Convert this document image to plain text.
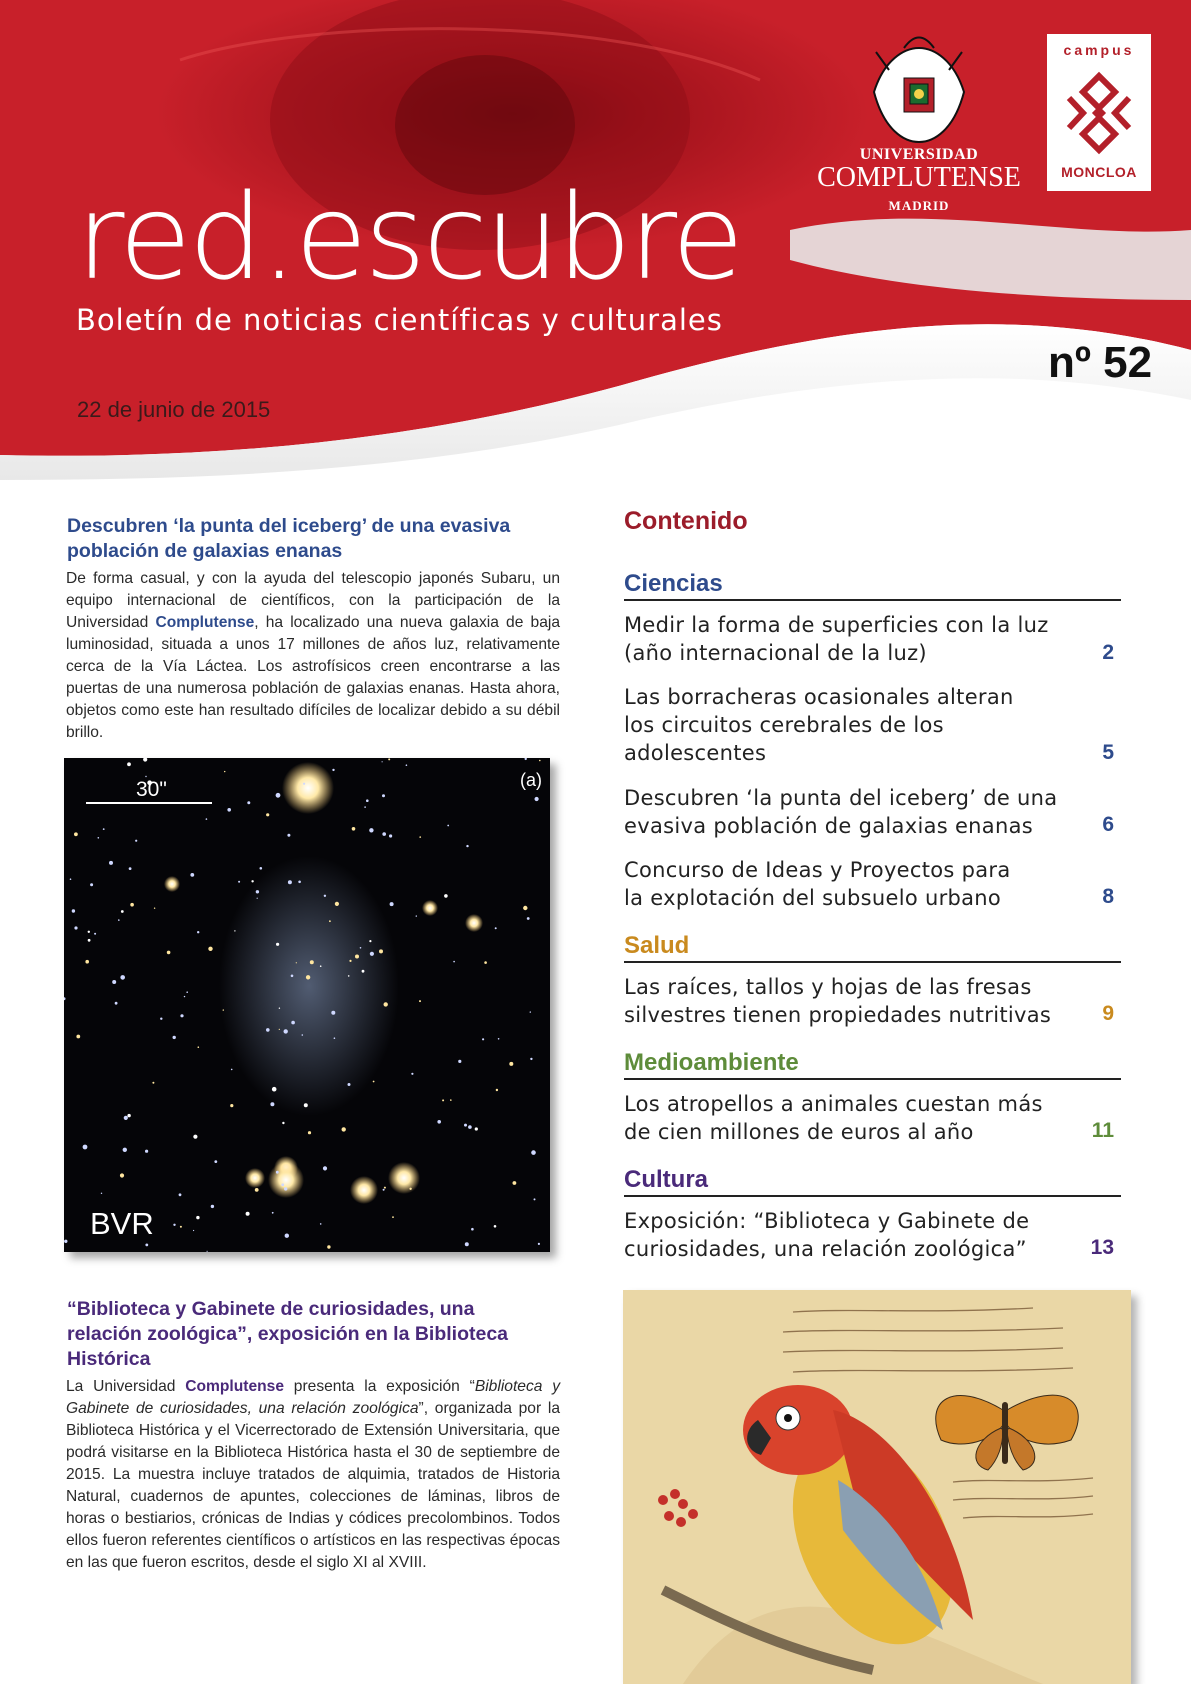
UNIVERSIDAD
COMPLUTENSE
MADRID
campus
MONCLOA
red.escubre
Boletín de noticias científicas y culturales
nº 52
22 de junio de 2015
Descubren ‘la punta del iceberg’ de una evasiva
población de galaxias enanas
De forma casual, y con la ayuda del telescopio japonés Subaru, un equipo internacional de científicos, con la participación de la Universidad Complutense, ha localizado una nueva galaxia de baja luminosidad, situada a unos 17 millones de años luz, relativamente cerca de la Vía Láctea. Los astrofísicos creen encontrarse a las puertas de una numerosa población de galaxias enanas. Hasta ahora, objetos como este han resultado difíciles de localizar debido a su débil brillo.
30"	(a)
BVR
“Biblioteca y Gabinete de curiosidades, una
relación zoológica”, exposición en la Biblioteca
Histórica
La Universidad Complutense presenta la exposición “Biblioteca y Gabinete de curiosidades, una relación zoológica”, organizada por la Biblioteca Histórica y el Vicerrectorado de Extensión Universitaria, que podrá visitarse en la Biblioteca Histórica hasta el 30 de septiembre de 2015. La muestra incluye tratados de alquimia, tratados de Historia Natural, cuadernos de apuntes, colecciones de láminas, libros de horas o bestiarios, crónicas de Indias y códices precolombinos. Todos ellos fueron referentes científicos o artísticos en las respectivas épocas en las que fueron escritos, desde el siglo XI al XVIII.
Contenido
Ciencias
Medir la forma de superficies con la luz
(año internacional de la luz)	2
Las borracheras ocasionales alteran
los circuitos cerebrales de los
adolescentes	5
Descubren ‘la punta del iceberg’ de una
evasiva población de galaxias enanas	6
Concurso de Ideas y Proyectos para
la explotación del subsuelo urbano	8
Salud
Las raíces, tallos y hojas de las fresas
silvestres tienen propiedades nutritivas	9
Medioambiente
Los atropellos a animales cuestan más
de cien millones de euros al año	11
Cultura
Exposición: “Biblioteca y Gabinete de
curiosidades, una relación zoológica”	13
